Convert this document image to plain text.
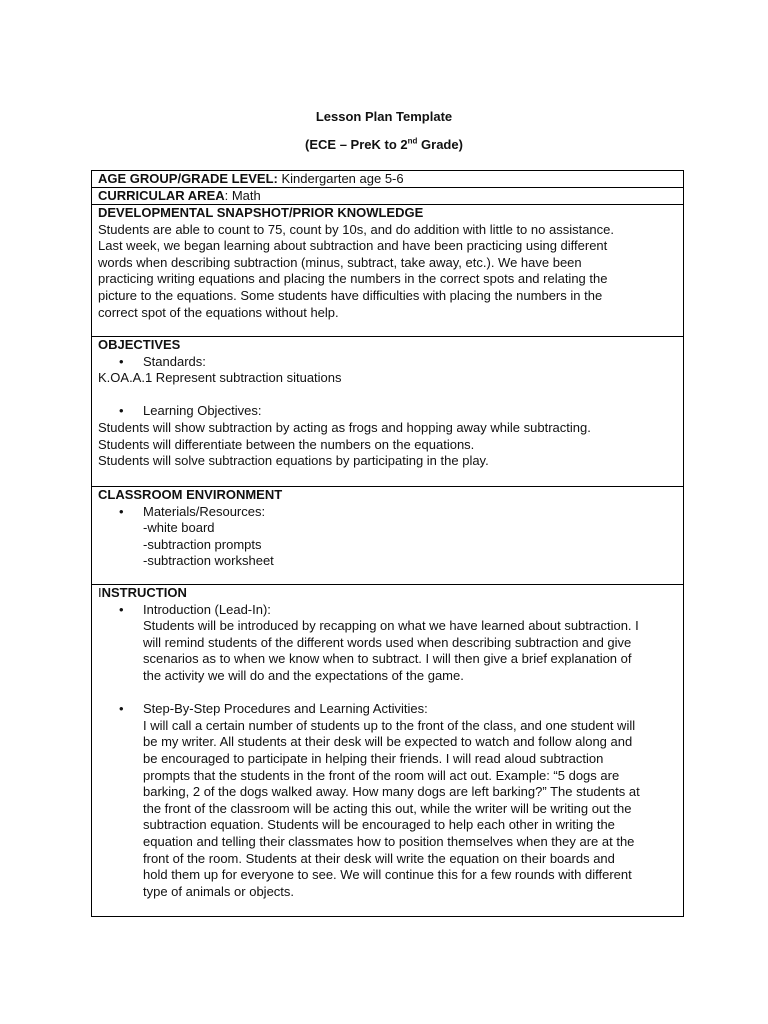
Lesson Plan Template
(ECE – PreK to 2nd Grade)
AGE GROUP/GRADE LEVEL: Kindergarten age 5-6
CURRICULAR AREA: Math
DEVELOPMENTAL SNAPSHOT/PRIOR KNOWLEDGE
Students are able to count to 75, count by 10s, and do addition with little to no assistance.
Last week, we began learning about subtraction and have been practicing using different
words when describing subtraction (minus, subtract, take away, etc.). We have been
practicing writing equations and placing the numbers in the correct spots and relating the
picture to the equations. Some students have difficulties with placing the numbers in the
correct spot of the equations without help.
OBJECTIVES
• Standards:
K.OA.A.1 Represent subtraction situations
• Learning Objectives:
Students will show subtraction by acting as frogs and hopping away while subtracting.
Students will differentiate between the numbers on the equations.
Students will solve subtraction equations by participating in the play.
CLASSROOM ENVIRONMENT
• Materials/Resources:
-white board
-subtraction prompts
-subtraction worksheet
INSTRUCTION
• Introduction (Lead-In):
Students will be introduced by recapping on what we have learned about subtraction. I
will remind students of the different words used when describing subtraction and give
scenarios as to when we know when to subtract. I will then give a brief explanation of
the activity we will do and the expectations of the game.
• Step-By-Step Procedures and Learning Activities:
I will call a certain number of students up to the front of the class, and one student will
be my writer. All students at their desk will be expected to watch and follow along and
be encouraged to participate in helping their friends. I will read aloud subtraction
prompts that the students in the front of the room will act out. Example: “5 dogs are
barking, 2 of the dogs walked away. How many dogs are left barking?” The students at
the front of the classroom will be acting this out, while the writer will be writing out the
subtraction equation. Students will be encouraged to help each other in writing the
equation and telling their classmates how to position themselves when they are at the
front of the room. Students at their desk will write the equation on their boards and
hold them up for everyone to see. We will continue this for a few rounds with different
type of animals or objects.
